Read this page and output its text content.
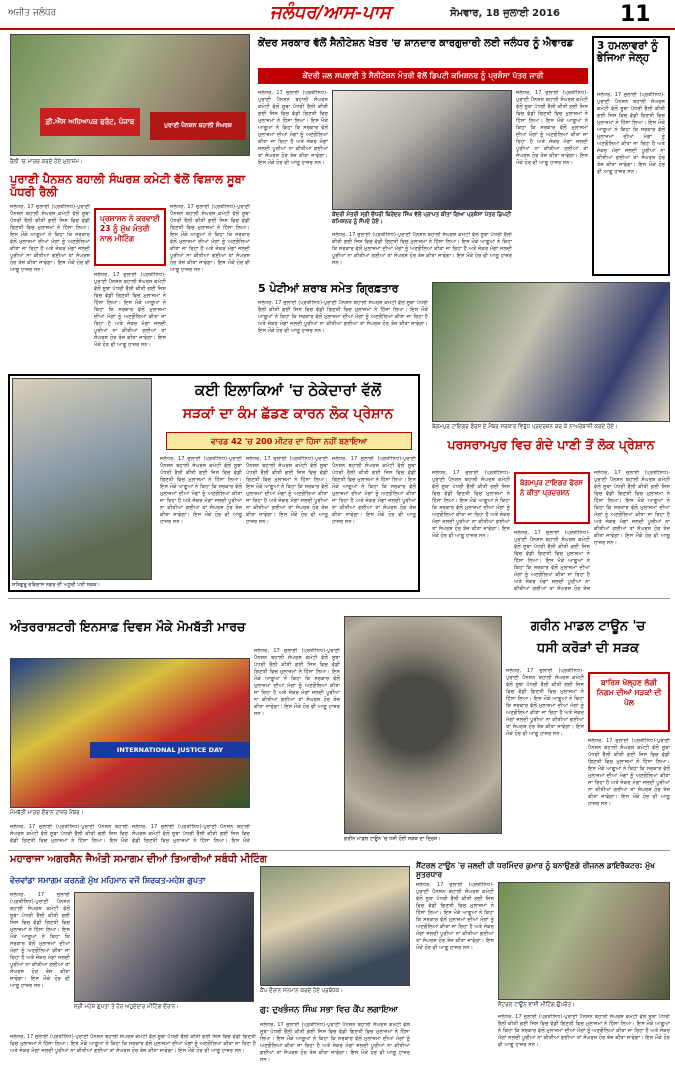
ਅਜੀਤ ਜਲੰਧਰ	ਜਲੰਧਰ/ਆਸ-ਪਾਸ	ਸੋਮਵਾਰ, 18 ਜੁਲਾਈ 2016	11
ਫ਼ੀ.ਐੱਸ ਅਧਿਆਪਕ ਫਰੰਟ, ਪੰਜਾਬ	ਪੁਰਾਣੀ ਪੈਨਸ਼ਨ ਬਹਾਲੀ ਸੰਘਰਸ਼
ਰੈਲੀ 'ਚ ਮਾਰਚ ਕਰਦੇ ਹੋਏ ਮੁਲਾਜ਼ਮ।
ਪੁਰਾਣੀ ਪੈਨਸ਼ਨ ਬਹਾਲੀ ਸੰਘਰਸ਼ ਕਮੇਟੀ ਵੱਲੋਂ ਵਿਸ਼ਾਲ ਸੂਬਾ ਪੱਧਰੀ ਰੈਲੀ
ਜਲੰਧਰ, 17 ਜੁਲਾਈ (ਪ੍ਰਤੀਨਿਧ)-ਪੁਰਾਣੀ ਪੈਨਸ਼ਨ ਬਹਾਲੀ ਸੰਘਰਸ਼ ਕਮੇਟੀ ਵੱਲੋਂ ਸੂਬਾ ਪੱਧਰੀ ਰੈਲੀ ਕੀਤੀ ਗਈ ਜਿਸ ਵਿਚ ਵੱਡੀ ਗਿਣਤੀ ਵਿਚ ਮੁਲਾਜ਼ਮਾਂ ਨੇ ਹਿੱਸਾ ਲਿਆ। ਇਸ ਮੌਕੇ ਆਗੂਆਂ ਨੇ ਕਿਹਾ ਕਿ ਸਰਕਾਰ ਵੱਲੋਂ ਮੁਲਾਜ਼ਮਾਂ ਦੀਆਂ ਮੰਗਾਂ ਨੂੰ ਅਣਗੌਲਿਆਂ ਕੀਤਾ ਜਾ ਰਿਹਾ ਹੈ ਅਤੇ ਜੇਕਰ ਮੰਗਾਂ ਜਲਦੀ ਪੂਰੀਆਂ ਨਾ ਕੀਤੀਆਂ ਗਈਆਂ ਤਾਂ ਸੰਘਰਸ਼ ਹੋਰ ਤੇਜ਼ ਕੀਤਾ ਜਾਵੇਗਾ। ਇਸ ਮੌਕੇ ਹੋਰ ਵੀ ਆਗੂ ਹਾਜ਼ਰ ਸਨ।
ਪ੍ਰਸ਼ਾਸਨ ਨੇ ਕਰਵਾਈ 23 ਨੂੰ ਮੁੱਖ ਮੰਤਰੀ ਨਾਲ ਮੀਟਿੰਗ
ਜਲੰਧਰ, 17 ਜੁਲਾਈ (ਪ੍ਰਤੀਨਿਧ)-ਪੁਰਾਣੀ ਪੈਨਸ਼ਨ ਬਹਾਲੀ ਸੰਘਰਸ਼ ਕਮੇਟੀ ਵੱਲੋਂ ਸੂਬਾ ਪੱਧਰੀ ਰੈਲੀ ਕੀਤੀ ਗਈ ਜਿਸ ਵਿਚ ਵੱਡੀ ਗਿਣਤੀ ਵਿਚ ਮੁਲਾਜ਼ਮਾਂ ਨੇ ਹਿੱਸਾ ਲਿਆ। ਇਸ ਮੌਕੇ ਆਗੂਆਂ ਨੇ ਕਿਹਾ ਕਿ ਸਰਕਾਰ ਵੱਲੋਂ ਮੁਲਾਜ਼ਮਾਂ ਦੀਆਂ ਮੰਗਾਂ ਨੂੰ ਅਣਗੌਲਿਆਂ ਕੀਤਾ ਜਾ ਰਿਹਾ ਹੈ ਅਤੇ ਜੇਕਰ ਮੰਗਾਂ ਜਲਦੀ ਪੂਰੀਆਂ ਨਾ ਕੀਤੀਆਂ ਗਈਆਂ ਤਾਂ ਸੰਘਰਸ਼ ਹੋਰ ਤੇਜ਼ ਕੀਤਾ ਜਾਵੇਗਾ। ਇਸ ਮੌਕੇ ਹੋਰ ਵੀ ਆਗੂ ਹਾਜ਼ਰ ਸਨ।
ਜਲੰਧਰ, 17 ਜੁਲਾਈ (ਪ੍ਰਤੀਨਿਧ)-ਪੁਰਾਣੀ ਪੈਨਸ਼ਨ ਬਹਾਲੀ ਸੰਘਰਸ਼ ਕਮੇਟੀ ਵੱਲੋਂ ਸੂਬਾ ਪੱਧਰੀ ਰੈਲੀ ਕੀਤੀ ਗਈ ਜਿਸ ਵਿਚ ਵੱਡੀ ਗਿਣਤੀ ਵਿਚ ਮੁਲਾਜ਼ਮਾਂ ਨੇ ਹਿੱਸਾ ਲਿਆ। ਇਸ ਮੌਕੇ ਆਗੂਆਂ ਨੇ ਕਿਹਾ ਕਿ ਸਰਕਾਰ ਵੱਲੋਂ ਮੁਲਾਜ਼ਮਾਂ ਦੀਆਂ ਮੰਗਾਂ ਨੂੰ ਅਣਗੌਲਿਆਂ ਕੀਤਾ ਜਾ ਰਿਹਾ ਹੈ ਅਤੇ ਜੇਕਰ ਮੰਗਾਂ ਜਲਦੀ ਪੂਰੀਆਂ ਨਾ ਕੀਤੀਆਂ ਗਈਆਂ ਤਾਂ ਸੰਘਰਸ਼ ਹੋਰ ਤੇਜ਼ ਕੀਤਾ ਜਾਵੇਗਾ। ਇਸ ਮੌਕੇ ਹੋਰ ਵੀ ਆਗੂ ਹਾਜ਼ਰ ਸਨ।
ਕੇਂਦਰ ਸਰਕਾਰ ਵੱਲੋਂ ਸੈਨੀਟੇਸ਼ਨ ਖੇਤਰ 'ਚ ਸ਼ਾਨਦਾਰ ਕਾਰਗੁਜ਼ਾਰੀ ਲਈ ਜਲੰਧਰ ਨੂੰ ਐਵਾਰਡ
ਕੇਂਦਰੀ ਜਲ ਸਪਲਾਈ ਤੇ ਸੈਨੀਟੇਸ਼ਨ ਮੰਤਰੀ ਵੱਲੋਂ ਡਿਪਟੀ ਕਮਿਸ਼ਨਰ ਨੂੰ ਪ੍ਰਸ਼ੰਸਾ ਪੱਤਰ ਜਾਰੀ
ਜਲੰਧਰ, 17 ਜੁਲਾਈ (ਪ੍ਰਤੀਨਿਧ)-ਪੁਰਾਣੀ ਪੈਨਸ਼ਨ ਬਹਾਲੀ ਸੰਘਰਸ਼ ਕਮੇਟੀ ਵੱਲੋਂ ਸੂਬਾ ਪੱਧਰੀ ਰੈਲੀ ਕੀਤੀ ਗਈ ਜਿਸ ਵਿਚ ਵੱਡੀ ਗਿਣਤੀ ਵਿਚ ਮੁਲਾਜ਼ਮਾਂ ਨੇ ਹਿੱਸਾ ਲਿਆ। ਇਸ ਮੌਕੇ ਆਗੂਆਂ ਨੇ ਕਿਹਾ ਕਿ ਸਰਕਾਰ ਵੱਲੋਂ ਮੁਲਾਜ਼ਮਾਂ ਦੀਆਂ ਮੰਗਾਂ ਨੂੰ ਅਣਗੌਲਿਆਂ ਕੀਤਾ ਜਾ ਰਿਹਾ ਹੈ ਅਤੇ ਜੇਕਰ ਮੰਗਾਂ ਜਲਦੀ ਪੂਰੀਆਂ ਨਾ ਕੀਤੀਆਂ ਗਈਆਂ ਤਾਂ ਸੰਘਰਸ਼ ਹੋਰ ਤੇਜ਼ ਕੀਤਾ ਜਾਵੇਗਾ। ਇਸ ਮੌਕੇ ਹੋਰ ਵੀ ਆਗੂ ਹਾਜ਼ਰ ਸਨ।
ਕੇਂਦਰੀ ਮੰਤਰੀ ਸ੍ਰੀ ਚੌਧਰੀ ਬਿਰੇਂਦਰ ਸਿੰਘ ਵੱਲੋਂ ਪ੍ਰਾਪਤ ਕੀਤਾ ਗਿਆ ਪ੍ਰਸ਼ੰਸਾ ਪੱਤਰ ਡਿਪਟੀ ਕਮਿਸ਼ਨਰ ਨੂੰ ਸੌਂਪਦੇ ਹੋਏ।
ਜਲੰਧਰ, 17 ਜੁਲਾਈ (ਪ੍ਰਤੀਨਿਧ)-ਪੁਰਾਣੀ ਪੈਨਸ਼ਨ ਬਹਾਲੀ ਸੰਘਰਸ਼ ਕਮੇਟੀ ਵੱਲੋਂ ਸੂਬਾ ਪੱਧਰੀ ਰੈਲੀ ਕੀਤੀ ਗਈ ਜਿਸ ਵਿਚ ਵੱਡੀ ਗਿਣਤੀ ਵਿਚ ਮੁਲਾਜ਼ਮਾਂ ਨੇ ਹਿੱਸਾ ਲਿਆ। ਇਸ ਮੌਕੇ ਆਗੂਆਂ ਨੇ ਕਿਹਾ ਕਿ ਸਰਕਾਰ ਵੱਲੋਂ ਮੁਲਾਜ਼ਮਾਂ ਦੀਆਂ ਮੰਗਾਂ ਨੂੰ ਅਣਗੌਲਿਆਂ ਕੀਤਾ ਜਾ ਰਿਹਾ ਹੈ ਅਤੇ ਜੇਕਰ ਮੰਗਾਂ ਜਲਦੀ ਪੂਰੀਆਂ ਨਾ ਕੀਤੀਆਂ ਗਈਆਂ ਤਾਂ ਸੰਘਰਸ਼ ਹੋਰ ਤੇਜ਼ ਕੀਤਾ ਜਾਵੇਗਾ। ਇਸ ਮੌਕੇ ਹੋਰ ਵੀ ਆਗੂ ਹਾਜ਼ਰ ਸਨ।
ਜਲੰਧਰ, 17 ਜੁਲਾਈ (ਪ੍ਰਤੀਨਿਧ)-ਪੁਰਾਣੀ ਪੈਨਸ਼ਨ ਬਹਾਲੀ ਸੰਘਰਸ਼ ਕਮੇਟੀ ਵੱਲੋਂ ਸੂਬਾ ਪੱਧਰੀ ਰੈਲੀ ਕੀਤੀ ਗਈ ਜਿਸ ਵਿਚ ਵੱਡੀ ਗਿਣਤੀ ਵਿਚ ਮੁਲਾਜ਼ਮਾਂ ਨੇ ਹਿੱਸਾ ਲਿਆ। ਇਸ ਮੌਕੇ ਆਗੂਆਂ ਨੇ ਕਿਹਾ ਕਿ ਸਰਕਾਰ ਵੱਲੋਂ ਮੁਲਾਜ਼ਮਾਂ ਦੀਆਂ ਮੰਗਾਂ ਨੂੰ ਅਣਗੌਲਿਆਂ ਕੀਤਾ ਜਾ ਰਿਹਾ ਹੈ ਅਤੇ ਜੇਕਰ ਮੰਗਾਂ ਜਲਦੀ ਪੂਰੀਆਂ ਨਾ ਕੀਤੀਆਂ ਗਈਆਂ ਤਾਂ ਸੰਘਰਸ਼ ਹੋਰ ਤੇਜ਼ ਕੀਤਾ ਜਾਵੇਗਾ। ਇਸ ਮੌਕੇ ਹੋਰ ਵੀ ਆਗੂ ਹਾਜ਼ਰ ਸਨ।
3 ਹਮਲਾਵਰਾਂ ਨੂੰ ਭੇਜਿਆ ਜੇਲ੍ਹ
ਜਲੰਧਰ, 17 ਜੁਲਾਈ (ਪ੍ਰਤੀਨਿਧ)-ਪੁਰਾਣੀ ਪੈਨਸ਼ਨ ਬਹਾਲੀ ਸੰਘਰਸ਼ ਕਮੇਟੀ ਵੱਲੋਂ ਸੂਬਾ ਪੱਧਰੀ ਰੈਲੀ ਕੀਤੀ ਗਈ ਜਿਸ ਵਿਚ ਵੱਡੀ ਗਿਣਤੀ ਵਿਚ ਮੁਲਾਜ਼ਮਾਂ ਨੇ ਹਿੱਸਾ ਲਿਆ। ਇਸ ਮੌਕੇ ਆਗੂਆਂ ਨੇ ਕਿਹਾ ਕਿ ਸਰਕਾਰ ਵੱਲੋਂ ਮੁਲਾਜ਼ਮਾਂ ਦੀਆਂ ਮੰਗਾਂ ਨੂੰ ਅਣਗੌਲਿਆਂ ਕੀਤਾ ਜਾ ਰਿਹਾ ਹੈ ਅਤੇ ਜੇਕਰ ਮੰਗਾਂ ਜਲਦੀ ਪੂਰੀਆਂ ਨਾ ਕੀਤੀਆਂ ਗਈਆਂ ਤਾਂ ਸੰਘਰਸ਼ ਹੋਰ ਤੇਜ਼ ਕੀਤਾ ਜਾਵੇਗਾ। ਇਸ ਮੌਕੇ ਹੋਰ ਵੀ ਆਗੂ ਹਾਜ਼ਰ ਸਨ।
5 ਪੇਟੀਆਂ ਸ਼ਰਾਬ ਸਮੇਤ ਗ੍ਰਿਫ਼ਤਾਰ
ਜਲੰਧਰ, 17 ਜੁਲਾਈ (ਪ੍ਰਤੀਨਿਧ)-ਪੁਰਾਣੀ ਪੈਨਸ਼ਨ ਬਹਾਲੀ ਸੰਘਰਸ਼ ਕਮੇਟੀ ਵੱਲੋਂ ਸੂਬਾ ਪੱਧਰੀ ਰੈਲੀ ਕੀਤੀ ਗਈ ਜਿਸ ਵਿਚ ਵੱਡੀ ਗਿਣਤੀ ਵਿਚ ਮੁਲਾਜ਼ਮਾਂ ਨੇ ਹਿੱਸਾ ਲਿਆ। ਇਸ ਮੌਕੇ ਆਗੂਆਂ ਨੇ ਕਿਹਾ ਕਿ ਸਰਕਾਰ ਵੱਲੋਂ ਮੁਲਾਜ਼ਮਾਂ ਦੀਆਂ ਮੰਗਾਂ ਨੂੰ ਅਣਗੌਲਿਆਂ ਕੀਤਾ ਜਾ ਰਿਹਾ ਹੈ ਅਤੇ ਜੇਕਰ ਮੰਗਾਂ ਜਲਦੀ ਪੂਰੀਆਂ ਨਾ ਕੀਤੀਆਂ ਗਈਆਂ ਤਾਂ ਸੰਘਰਸ਼ ਹੋਰ ਤੇਜ਼ ਕੀਤਾ ਜਾਵੇਗਾ। ਇਸ ਮੌਕੇ ਹੋਰ ਵੀ ਆਗੂ ਹਾਜ਼ਰ ਸਨ।
ਬੇਗਮਪੁਰ ਟਾਇਗਰ ਫੋਰਸ ਦੇ ਮੈਂਬਰ ਸਰਕਾਰ ਵਿਰੁੱਧ ਪ੍ਰਦਰਸ਼ਨ ਕਰ ਕੇ ਨਾਅਰੇਬਾਜ਼ੀ ਕਰਦੇ ਹੋਏ।
ਸਤਿਗੁਰੂ ਰਵਿਦਾਸ ਨਗਰ ਦੀ ਅਧੂਰੀ ਪਈ ਸੜਕ।
ਕਈ ਇਲਾਕਿਆਂ 'ਚ ਠੇਕੇਦਾਰਾਂ ਵੱਲੋਂ
ਸੜਕਾਂ ਦਾ ਕੰਮ ਛੱਡਣ ਕਾਰਨ ਲੋਕ ਪ੍ਰੇਸ਼ਾਨ
ਵਾਰਡ 42 'ਚ 200 ਮੀਟਰ ਦਾ ਹਿੱਸਾ ਨਹੀਂ ਬਣਾਇਆ
ਜਲੰਧਰ, 17 ਜੁਲਾਈ (ਪ੍ਰਤੀਨਿਧ)-ਪੁਰਾਣੀ ਪੈਨਸ਼ਨ ਬਹਾਲੀ ਸੰਘਰਸ਼ ਕਮੇਟੀ ਵੱਲੋਂ ਸੂਬਾ ਪੱਧਰੀ ਰੈਲੀ ਕੀਤੀ ਗਈ ਜਿਸ ਵਿਚ ਵੱਡੀ ਗਿਣਤੀ ਵਿਚ ਮੁਲਾਜ਼ਮਾਂ ਨੇ ਹਿੱਸਾ ਲਿਆ। ਇਸ ਮੌਕੇ ਆਗੂਆਂ ਨੇ ਕਿਹਾ ਕਿ ਸਰਕਾਰ ਵੱਲੋਂ ਮੁਲਾਜ਼ਮਾਂ ਦੀਆਂ ਮੰਗਾਂ ਨੂੰ ਅਣਗੌਲਿਆਂ ਕੀਤਾ ਜਾ ਰਿਹਾ ਹੈ ਅਤੇ ਜੇਕਰ ਮੰਗਾਂ ਜਲਦੀ ਪੂਰੀਆਂ ਨਾ ਕੀਤੀਆਂ ਗਈਆਂ ਤਾਂ ਸੰਘਰਸ਼ ਹੋਰ ਤੇਜ਼ ਕੀਤਾ ਜਾਵੇਗਾ। ਇਸ ਮੌਕੇ ਹੋਰ ਵੀ ਆਗੂ ਹਾਜ਼ਰ ਸਨ।
ਜਲੰਧਰ, 17 ਜੁਲਾਈ (ਪ੍ਰਤੀਨਿਧ)-ਪੁਰਾਣੀ ਪੈਨਸ਼ਨ ਬਹਾਲੀ ਸੰਘਰਸ਼ ਕਮੇਟੀ ਵੱਲੋਂ ਸੂਬਾ ਪੱਧਰੀ ਰੈਲੀ ਕੀਤੀ ਗਈ ਜਿਸ ਵਿਚ ਵੱਡੀ ਗਿਣਤੀ ਵਿਚ ਮੁਲਾਜ਼ਮਾਂ ਨੇ ਹਿੱਸਾ ਲਿਆ। ਇਸ ਮੌਕੇ ਆਗੂਆਂ ਨੇ ਕਿਹਾ ਕਿ ਸਰਕਾਰ ਵੱਲੋਂ ਮੁਲਾਜ਼ਮਾਂ ਦੀਆਂ ਮੰਗਾਂ ਨੂੰ ਅਣਗੌਲਿਆਂ ਕੀਤਾ ਜਾ ਰਿਹਾ ਹੈ ਅਤੇ ਜੇਕਰ ਮੰਗਾਂ ਜਲਦੀ ਪੂਰੀਆਂ ਨਾ ਕੀਤੀਆਂ ਗਈਆਂ ਤਾਂ ਸੰਘਰਸ਼ ਹੋਰ ਤੇਜ਼ ਕੀਤਾ ਜਾਵੇਗਾ। ਇਸ ਮੌਕੇ ਹੋਰ ਵੀ ਆਗੂ ਹਾਜ਼ਰ ਸਨ।
ਜਲੰਧਰ, 17 ਜੁਲਾਈ (ਪ੍ਰਤੀਨਿਧ)-ਪੁਰਾਣੀ ਪੈਨਸ਼ਨ ਬਹਾਲੀ ਸੰਘਰਸ਼ ਕਮੇਟੀ ਵੱਲੋਂ ਸੂਬਾ ਪੱਧਰੀ ਰੈਲੀ ਕੀਤੀ ਗਈ ਜਿਸ ਵਿਚ ਵੱਡੀ ਗਿਣਤੀ ਵਿਚ ਮੁਲਾਜ਼ਮਾਂ ਨੇ ਹਿੱਸਾ ਲਿਆ। ਇਸ ਮੌਕੇ ਆਗੂਆਂ ਨੇ ਕਿਹਾ ਕਿ ਸਰਕਾਰ ਵੱਲੋਂ ਮੁਲਾਜ਼ਮਾਂ ਦੀਆਂ ਮੰਗਾਂ ਨੂੰ ਅਣਗੌਲਿਆਂ ਕੀਤਾ ਜਾ ਰਿਹਾ ਹੈ ਅਤੇ ਜੇਕਰ ਮੰਗਾਂ ਜਲਦੀ ਪੂਰੀਆਂ ਨਾ ਕੀਤੀਆਂ ਗਈਆਂ ਤਾਂ ਸੰਘਰਸ਼ ਹੋਰ ਤੇਜ਼ ਕੀਤਾ ਜਾਵੇਗਾ। ਇਸ ਮੌਕੇ ਹੋਰ ਵੀ ਆਗੂ ਹਾਜ਼ਰ ਸਨ।
ਪਰਸਰਾਮਪੁਰ ਵਿਚ ਗੰਦੇ ਪਾਣੀ ਤੋਂ ਲੋਕ ਪ੍ਰੇਸ਼ਾਨ
ਜਲੰਧਰ, 17 ਜੁਲਾਈ (ਪ੍ਰਤੀਨਿਧ)-ਪੁਰਾਣੀ ਪੈਨਸ਼ਨ ਬਹਾਲੀ ਸੰਘਰਸ਼ ਕਮੇਟੀ ਵੱਲੋਂ ਸੂਬਾ ਪੱਧਰੀ ਰੈਲੀ ਕੀਤੀ ਗਈ ਜਿਸ ਵਿਚ ਵੱਡੀ ਗਿਣਤੀ ਵਿਚ ਮੁਲਾਜ਼ਮਾਂ ਨੇ ਹਿੱਸਾ ਲਿਆ। ਇਸ ਮੌਕੇ ਆਗੂਆਂ ਨੇ ਕਿਹਾ ਕਿ ਸਰਕਾਰ ਵੱਲੋਂ ਮੁਲਾਜ਼ਮਾਂ ਦੀਆਂ ਮੰਗਾਂ ਨੂੰ ਅਣਗੌਲਿਆਂ ਕੀਤਾ ਜਾ ਰਿਹਾ ਹੈ ਅਤੇ ਜੇਕਰ ਮੰਗਾਂ ਜਲਦੀ ਪੂਰੀਆਂ ਨਾ ਕੀਤੀਆਂ ਗਈਆਂ ਤਾਂ ਸੰਘਰਸ਼ ਹੋਰ ਤੇਜ਼ ਕੀਤਾ ਜਾਵੇਗਾ। ਇਸ ਮੌਕੇ ਹੋਰ ਵੀ ਆਗੂ ਹਾਜ਼ਰ ਸਨ।
ਬੇਗਮਪੁਰ ਟਾਇਗਰ ਫੋਰਸ ਨੇ ਕੀਤਾ ਪ੍ਰਦਰਸ਼ਨ
ਜਲੰਧਰ, 17 ਜੁਲਾਈ (ਪ੍ਰਤੀਨਿਧ)-ਪੁਰਾਣੀ ਪੈਨਸ਼ਨ ਬਹਾਲੀ ਸੰਘਰਸ਼ ਕਮੇਟੀ ਵੱਲੋਂ ਸੂਬਾ ਪੱਧਰੀ ਰੈਲੀ ਕੀਤੀ ਗਈ ਜਿਸ ਵਿਚ ਵੱਡੀ ਗਿਣਤੀ ਵਿਚ ਮੁਲਾਜ਼ਮਾਂ ਨੇ ਹਿੱਸਾ ਲਿਆ। ਇਸ ਮੌਕੇ ਆਗੂਆਂ ਨੇ ਕਿਹਾ ਕਿ ਸਰਕਾਰ ਵੱਲੋਂ ਮੁਲਾਜ਼ਮਾਂ ਦੀਆਂ ਮੰਗਾਂ ਨੂੰ ਅਣਗੌਲਿਆਂ ਕੀਤਾ ਜਾ ਰਿਹਾ ਹੈ ਅਤੇ ਜੇਕਰ ਮੰਗਾਂ ਜਲਦੀ ਪੂਰੀਆਂ ਨਾ ਕੀਤੀਆਂ ਗਈਆਂ ਤਾਂ ਸੰਘਰਸ਼ ਹੋਰ ਤੇਜ਼
ਜਲੰਧਰ, 17 ਜੁਲਾਈ (ਪ੍ਰਤੀਨਿਧ)-ਪੁਰਾਣੀ ਪੈਨਸ਼ਨ ਬਹਾਲੀ ਸੰਘਰਸ਼ ਕਮੇਟੀ ਵੱਲੋਂ ਸੂਬਾ ਪੱਧਰੀ ਰੈਲੀ ਕੀਤੀ ਗਈ ਜਿਸ ਵਿਚ ਵੱਡੀ ਗਿਣਤੀ ਵਿਚ ਮੁਲਾਜ਼ਮਾਂ ਨੇ ਹਿੱਸਾ ਲਿਆ। ਇਸ ਮੌਕੇ ਆਗੂਆਂ ਨੇ ਕਿਹਾ ਕਿ ਸਰਕਾਰ ਵੱਲੋਂ ਮੁਲਾਜ਼ਮਾਂ ਦੀਆਂ ਮੰਗਾਂ ਨੂੰ ਅਣਗੌਲਿਆਂ ਕੀਤਾ ਜਾ ਰਿਹਾ ਹੈ ਅਤੇ ਜੇਕਰ ਮੰਗਾਂ ਜਲਦੀ ਪੂਰੀਆਂ ਨਾ ਕੀਤੀਆਂ ਗਈਆਂ ਤਾਂ ਸੰਘਰਸ਼ ਹੋਰ ਤੇਜ਼ ਕੀਤਾ ਜਾਵੇਗਾ। ਇਸ ਮੌਕੇ ਹੋਰ ਵੀ ਆਗੂ ਹਾਜ਼ਰ ਸਨ।
ਅੰਤਰਰਾਸ਼ਟਰੀ ਇਨਸਾਫ਼ ਦਿਵਸ ਮੌਕੇ ਮੋਮਬੱਤੀ ਮਾਰਚ
INTERNATIONAL JUSTICE DAY
ਮੋਮਬੱਤੀ ਮਾਰਚ ਦੌਰਾਨ ਹਾਜ਼ਰ ਮੈਂਬਰ।
ਜਲੰਧਰ, 17 ਜੁਲਾਈ (ਪ੍ਰਤੀਨਿਧ)-ਪੁਰਾਣੀ ਪੈਨਸ਼ਨ ਬਹਾਲੀ ਸੰਘਰਸ਼ ਕਮੇਟੀ ਵੱਲੋਂ ਸੂਬਾ ਪੱਧਰੀ ਰੈਲੀ ਕੀਤੀ ਗਈ ਜਿਸ ਵਿਚ ਵੱਡੀ ਗਿਣਤੀ ਵਿਚ ਮੁਲਾਜ਼ਮਾਂ ਨੇ ਹਿੱਸਾ ਲਿਆ। ਇਸ ਮੌਕੇ ਆਗੂਆਂ ਨੇ ਕਿਹਾ ਕਿ ਸਰਕਾਰ ਵੱਲੋਂ ਮੁਲਾਜ਼ਮਾਂ ਦੀਆਂ ਮੰਗਾਂ ਨੂੰ ਅਣਗੌਲਿਆਂ ਕੀਤਾ ਜਾ ਰਿਹਾ ਹੈ ਅਤੇ ਜੇਕਰ ਮੰਗਾਂ ਜਲਦੀ ਪੂਰੀਆਂ ਨਾ ਕੀਤੀਆਂ ਗਈਆਂ ਤਾਂ ਸੰਘਰਸ਼ ਹੋਰ ਤੇਜ਼ ਕੀਤਾ ਜਾਵੇਗਾ। ਇਸ ਮੌਕੇ ਹੋਰ ਵੀ ਆਗੂ ਹਾਜ਼ਰ ਸਨ।
ਜਲੰਧਰ, 17 ਜੁਲਾਈ (ਪ੍ਰਤੀਨਿਧ)-ਪੁਰਾਣੀ ਪੈਨਸ਼ਨ ਬਹਾਲੀ ਸੰਘਰਸ਼ ਕਮੇਟੀ ਵੱਲੋਂ ਸੂਬਾ ਪੱਧਰੀ ਰੈਲੀ ਕੀਤੀ ਗਈ ਜਿਸ ਵਿਚ ਵੱਡੀ ਗਿਣਤੀ ਵਿਚ ਮੁਲਾਜ਼ਮਾਂ ਨੇ ਹਿੱਸਾ ਲਿਆ। ਇਸ ਮੌਕੇ
ਜਲੰਧਰ, 17 ਜੁਲਾਈ (ਪ੍ਰਤੀਨਿਧ)-ਪੁਰਾਣੀ ਪੈਨਸ਼ਨ ਬਹਾਲੀ ਸੰਘਰਸ਼ ਕਮੇਟੀ ਵੱਲੋਂ ਸੂਬਾ ਪੱਧਰੀ ਰੈਲੀ ਕੀਤੀ ਗਈ ਜਿਸ ਵਿਚ ਵੱਡੀ ਗਿਣਤੀ ਵਿਚ ਮੁਲਾਜ਼ਮਾਂ ਨੇ ਹਿੱਸਾ ਲਿਆ। ਇਸ ਮੌਕੇ	ਗਰੀਨ ਮਾਡਲ ਟਾਊਨ 'ਚ ਧਸੀ ਹੋਈ ਸੜਕ ਦਾ ਦ੍ਰਿਸ਼।
ਗਰੀਨ ਮਾਡਲ ਟਾਊਨ 'ਚ
ਧਸੀ ਕਰੋੜਾਂ ਦੀ ਸੜਕ
ਜਲੰਧਰ, 17 ਜੁਲਾਈ (ਪ੍ਰਤੀਨਿਧ)-ਪੁਰਾਣੀ ਪੈਨਸ਼ਨ ਬਹਾਲੀ ਸੰਘਰਸ਼ ਕਮੇਟੀ ਵੱਲੋਂ ਸੂਬਾ ਪੱਧਰੀ ਰੈਲੀ ਕੀਤੀ ਗਈ ਜਿਸ ਵਿਚ ਵੱਡੀ ਗਿਣਤੀ ਵਿਚ ਮੁਲਾਜ਼ਮਾਂ ਨੇ ਹਿੱਸਾ ਲਿਆ। ਇਸ ਮੌਕੇ ਆਗੂਆਂ ਨੇ ਕਿਹਾ ਕਿ ਸਰਕਾਰ ਵੱਲੋਂ ਮੁਲਾਜ਼ਮਾਂ ਦੀਆਂ ਮੰਗਾਂ ਨੂੰ ਅਣਗੌਲਿਆਂ ਕੀਤਾ ਜਾ ਰਿਹਾ ਹੈ ਅਤੇ ਜੇਕਰ ਮੰਗਾਂ ਜਲਦੀ ਪੂਰੀਆਂ ਨਾ ਕੀਤੀਆਂ ਗਈਆਂ ਤਾਂ ਸੰਘਰਸ਼ ਹੋਰ ਤੇਜ਼ ਕੀਤਾ ਜਾਵੇਗਾ। ਇਸ ਮੌਕੇ ਹੋਰ ਵੀ ਆਗੂ ਹਾਜ਼ਰ ਸਨ।
ਬਾਰਿਸ਼ ਖੋਲ੍ਹਣ ਲੱਗੀ ਨਿਗਮ ਦੀਆਂ ਸੜਕਾਂ ਦੀ ਪੋਲ
ਜਲੰਧਰ, 17 ਜੁਲਾਈ (ਪ੍ਰਤੀਨਿਧ)-ਪੁਰਾਣੀ ਪੈਨਸ਼ਨ ਬਹਾਲੀ ਸੰਘਰਸ਼ ਕਮੇਟੀ ਵੱਲੋਂ ਸੂਬਾ ਪੱਧਰੀ ਰੈਲੀ ਕੀਤੀ ਗਈ ਜਿਸ ਵਿਚ ਵੱਡੀ ਗਿਣਤੀ ਵਿਚ ਮੁਲਾਜ਼ਮਾਂ ਨੇ ਹਿੱਸਾ ਲਿਆ। ਇਸ ਮੌਕੇ ਆਗੂਆਂ ਨੇ ਕਿਹਾ ਕਿ ਸਰਕਾਰ ਵੱਲੋਂ ਮੁਲਾਜ਼ਮਾਂ ਦੀਆਂ ਮੰਗਾਂ ਨੂੰ ਅਣਗੌਲਿਆਂ ਕੀਤਾ ਜਾ ਰਿਹਾ ਹੈ ਅਤੇ ਜੇਕਰ ਮੰਗਾਂ ਜਲਦੀ ਪੂਰੀਆਂ ਨਾ ਕੀਤੀਆਂ ਗਈਆਂ ਤਾਂ ਸੰਘਰਸ਼ ਹੋਰ ਤੇਜ਼ ਕੀਤਾ ਜਾਵੇਗਾ। ਇਸ ਮੌਕੇ ਹੋਰ ਵੀ ਆਗੂ ਹਾਜ਼ਰ ਸਨ।
ਮਹਾਰਾਜਾ ਅਗਰਸੈਨ ਜੈਅੰਤੀ ਸਮਾਗਮ ਦੀਆਂ ਤਿਆਰੀਆਂ ਸਬੰਧੀ ਮੀਟਿੰਗ
ਵੇਜ਼ਵਾਂਡਾ ਸਮਾਗਮ ਕਰਨਗੇ ਮੁੱਖ ਮਹਿਮਾਨ ਵਜੋਂ ਸ਼ਿਰਕਤ-ਮਹੇਸ਼ ਗੁਪਤਾ
ਜਲੰਧਰ, 17 ਜੁਲਾਈ (ਪ੍ਰਤੀਨਿਧ)-ਪੁਰਾਣੀ ਪੈਨਸ਼ਨ ਬਹਾਲੀ ਸੰਘਰਸ਼ ਕਮੇਟੀ ਵੱਲੋਂ ਸੂਬਾ ਪੱਧਰੀ ਰੈਲੀ ਕੀਤੀ ਗਈ ਜਿਸ ਵਿਚ ਵੱਡੀ ਗਿਣਤੀ ਵਿਚ ਮੁਲਾਜ਼ਮਾਂ ਨੇ ਹਿੱਸਾ ਲਿਆ। ਇਸ ਮੌਕੇ ਆਗੂਆਂ ਨੇ ਕਿਹਾ ਕਿ ਸਰਕਾਰ ਵੱਲੋਂ ਮੁਲਾਜ਼ਮਾਂ ਦੀਆਂ ਮੰਗਾਂ ਨੂੰ ਅਣਗੌਲਿਆਂ ਕੀਤਾ ਜਾ ਰਿਹਾ ਹੈ ਅਤੇ ਜੇਕਰ ਮੰਗਾਂ ਜਲਦੀ ਪੂਰੀਆਂ ਨਾ ਕੀਤੀਆਂ ਗਈਆਂ ਤਾਂ ਸੰਘਰਸ਼ ਹੋਰ ਤੇਜ਼ ਕੀਤਾ ਜਾਵੇਗਾ। ਇਸ ਮੌਕੇ ਹੋਰ ਵੀ ਆਗੂ ਹਾਜ਼ਰ ਸਨ।
ਸ੍ਰੀ ਮਹੇਸ਼ ਗੁਪਤਾ ਤੇ ਹੋਰ ਅਹੁਦੇਦਾਰ ਮੀਟਿੰਗ ਦੌਰਾਨ।
ਜਲੰਧਰ, 17 ਜੁਲਾਈ (ਪ੍ਰਤੀਨਿਧ)-ਪੁਰਾਣੀ ਪੈਨਸ਼ਨ ਬਹਾਲੀ ਸੰਘਰਸ਼ ਕਮੇਟੀ ਵੱਲੋਂ ਸੂਬਾ ਪੱਧਰੀ ਰੈਲੀ ਕੀਤੀ ਗਈ ਜਿਸ ਵਿਚ ਵੱਡੀ ਗਿਣਤੀ ਵਿਚ ਮੁਲਾਜ਼ਮਾਂ ਨੇ ਹਿੱਸਾ ਲਿਆ। ਇਸ ਮੌਕੇ ਆਗੂਆਂ ਨੇ ਕਿਹਾ ਕਿ ਸਰਕਾਰ ਵੱਲੋਂ ਮੁਲਾਜ਼ਮਾਂ ਦੀਆਂ ਮੰਗਾਂ ਨੂੰ ਅਣਗੌਲਿਆਂ ਕੀਤਾ ਜਾ ਰਿਹਾ ਹੈ ਅਤੇ ਜੇਕਰ ਮੰਗਾਂ ਜਲਦੀ ਪੂਰੀਆਂ ਨਾ ਕੀਤੀਆਂ ਗਈਆਂ ਤਾਂ ਸੰਘਰਸ਼ ਹੋਰ ਤੇਜ਼ ਕੀਤਾ ਜਾਵੇਗਾ। ਇਸ ਮੌਕੇ ਹੋਰ ਵੀ ਆਗੂ ਹਾਜ਼ਰ ਸਨ।
ਕੈਂਪ ਦੌਰਾਨ ਸਨਮਾਨ ਕਰਦੇ ਹੋਏ ਪ੍ਰਬੰਧਕ।
ਗੁ: ਦੁਖਭੰਜਨ ਸਿੰਘ ਸਭਾ ਵਿਚ ਕੈਂਪ ਲਗਾਇਆ
ਜਲੰਧਰ, 17 ਜੁਲਾਈ (ਪ੍ਰਤੀਨਿਧ)-ਪੁਰਾਣੀ ਪੈਨਸ਼ਨ ਬਹਾਲੀ ਸੰਘਰਸ਼ ਕਮੇਟੀ ਵੱਲੋਂ ਸੂਬਾ ਪੱਧਰੀ ਰੈਲੀ ਕੀਤੀ ਗਈ ਜਿਸ ਵਿਚ ਵੱਡੀ ਗਿਣਤੀ ਵਿਚ ਮੁਲਾਜ਼ਮਾਂ ਨੇ ਹਿੱਸਾ ਲਿਆ। ਇਸ ਮੌਕੇ ਆਗੂਆਂ ਨੇ ਕਿਹਾ ਕਿ ਸਰਕਾਰ ਵੱਲੋਂ ਮੁਲਾਜ਼ਮਾਂ ਦੀਆਂ ਮੰਗਾਂ ਨੂੰ ਅਣਗੌਲਿਆਂ ਕੀਤਾ ਜਾ ਰਿਹਾ ਹੈ ਅਤੇ ਜੇਕਰ ਮੰਗਾਂ ਜਲਦੀ ਪੂਰੀਆਂ ਨਾ ਕੀਤੀਆਂ ਗਈਆਂ ਤਾਂ ਸੰਘਰਸ਼ ਹੋਰ ਤੇਜ਼ ਕੀਤਾ ਜਾਵੇਗਾ। ਇਸ ਮੌਕੇ ਹੋਰ ਵੀ ਆਗੂ ਹਾਜ਼ਰ ਸਨ।
ਸੈਂਟਰਲ ਟਾਊਨ 'ਚ ਜਲਦੀ ਹੀ ਧਰਮਿੰਦਰ ਕੁਮਾਰ ਨੂੰ ਬਨਾਉਣਗੇ ਰੀਜਨਲ ਡਾਇਰੈਕਟਰ: ਮੁੱਖ ਸੂਤਰਧਾਰ
ਜਲੰਧਰ, 17 ਜੁਲਾਈ (ਪ੍ਰਤੀਨਿਧ)-ਪੁਰਾਣੀ ਪੈਨਸ਼ਨ ਬਹਾਲੀ ਸੰਘਰਸ਼ ਕਮੇਟੀ ਵੱਲੋਂ ਸੂਬਾ ਪੱਧਰੀ ਰੈਲੀ ਕੀਤੀ ਗਈ ਜਿਸ ਵਿਚ ਵੱਡੀ ਗਿਣਤੀ ਵਿਚ ਮੁਲਾਜ਼ਮਾਂ ਨੇ ਹਿੱਸਾ ਲਿਆ। ਇਸ ਮੌਕੇ ਆਗੂਆਂ ਨੇ ਕਿਹਾ ਕਿ ਸਰਕਾਰ ਵੱਲੋਂ ਮੁਲਾਜ਼ਮਾਂ ਦੀਆਂ ਮੰਗਾਂ ਨੂੰ ਅਣਗੌਲਿਆਂ ਕੀਤਾ ਜਾ ਰਿਹਾ ਹੈ ਅਤੇ ਜੇਕਰ ਮੰਗਾਂ ਜਲਦੀ ਪੂਰੀਆਂ ਨਾ ਕੀਤੀਆਂ ਗਈਆਂ ਤਾਂ ਸੰਘਰਸ਼ ਹੋਰ ਤੇਜ਼ ਕੀਤਾ ਜਾਵੇਗਾ। ਇਸ ਮੌਕੇ ਹੋਰ ਵੀ ਆਗੂ ਹਾਜ਼ਰ ਸਨ।
ਸੈਂਟਰਲ ਟਾਊਨ ਵਾਸੀ ਮੀਟਿੰਗ ਉਪਰੰਤ।
ਜਲੰਧਰ, 17 ਜੁਲਾਈ (ਪ੍ਰਤੀਨਿਧ)-ਪੁਰਾਣੀ ਪੈਨਸ਼ਨ ਬਹਾਲੀ ਸੰਘਰਸ਼ ਕਮੇਟੀ ਵੱਲੋਂ ਸੂਬਾ ਪੱਧਰੀ ਰੈਲੀ ਕੀਤੀ ਗਈ ਜਿਸ ਵਿਚ ਵੱਡੀ ਗਿਣਤੀ ਵਿਚ ਮੁਲਾਜ਼ਮਾਂ ਨੇ ਹਿੱਸਾ ਲਿਆ। ਇਸ ਮੌਕੇ ਆਗੂਆਂ ਨੇ ਕਿਹਾ ਕਿ ਸਰਕਾਰ ਵੱਲੋਂ ਮੁਲਾਜ਼ਮਾਂ ਦੀਆਂ ਮੰਗਾਂ ਨੂੰ ਅਣਗੌਲਿਆਂ ਕੀਤਾ ਜਾ ਰਿਹਾ ਹੈ ਅਤੇ ਜੇਕਰ ਮੰਗਾਂ ਜਲਦੀ ਪੂਰੀਆਂ ਨਾ ਕੀਤੀਆਂ ਗਈਆਂ ਤਾਂ ਸੰਘਰਸ਼ ਹੋਰ ਤੇਜ਼ ਕੀਤਾ ਜਾਵੇਗਾ। ਇਸ ਮੌਕੇ ਹੋਰ ਵੀ ਆਗੂ ਹਾਜ਼ਰ ਸਨ।
